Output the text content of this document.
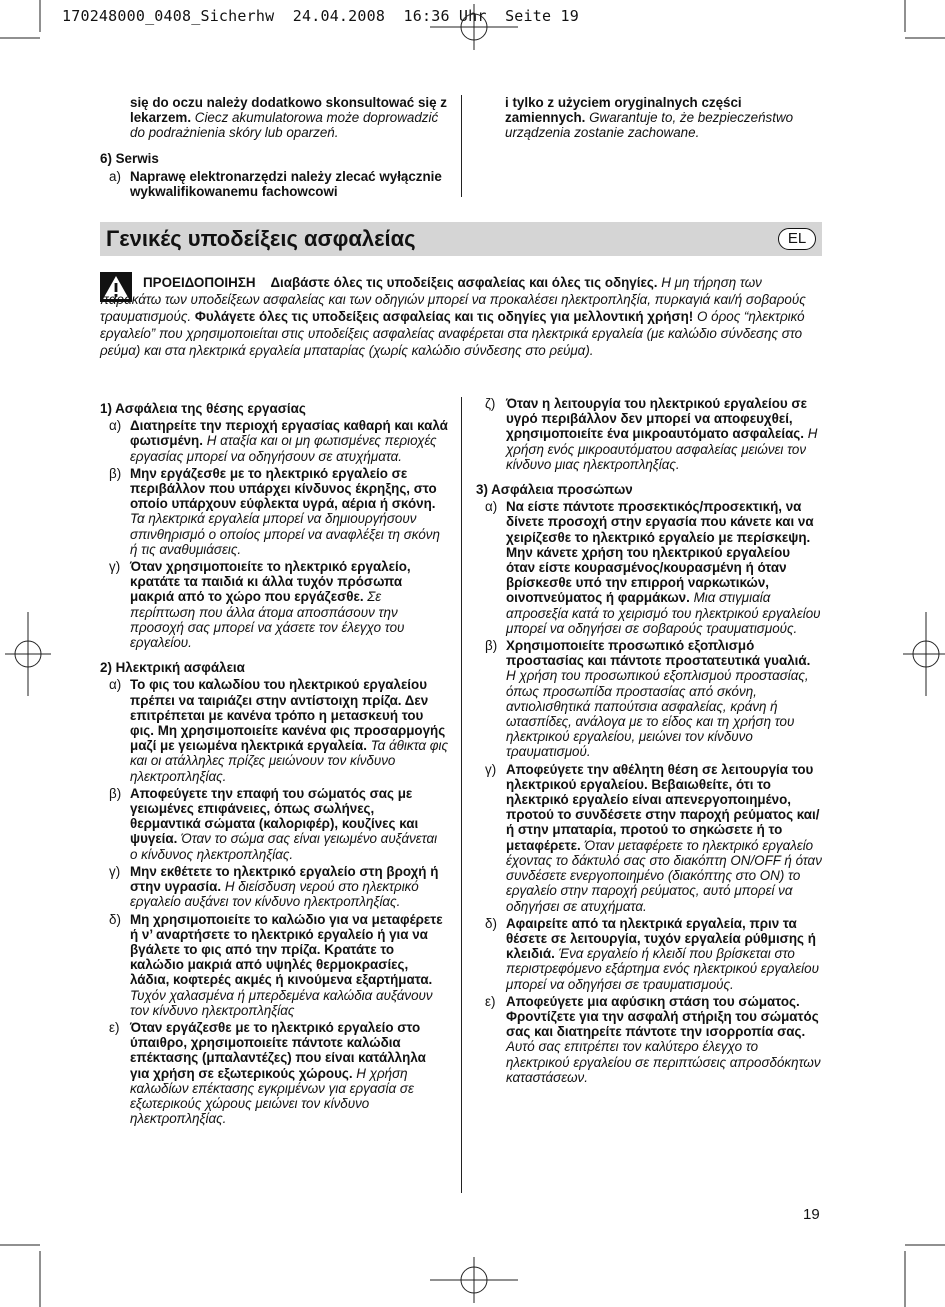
170248000_0408_Sicherhw  24.04.2008  16:36 Uhr  Seite 19

się do oczu należy dodatkowo skonsultować się z lekarzem. Ciecz akumulatorowa może doprowadzić do podrażnienia skóry lub oparzeń.

6) Serwis

a) Naprawę elektronarzędzi należy zlecać wyłącznie wykwalifikowanemu fachowcowi

i tylko z użyciem oryginalnych części zamiennych. Gwarantuje to, że bezpieczeństwo urządzenia zostanie zachowane.

Γενικές υποδείξεις ασφαλείας	EL

ΠΡΟΕΙΔΟΠΟΙΗΣΗ Διαβάστε όλες τις υποδείξεις ασφαλείας και όλες τις οδηγίες. Η μη τήρηση των παρακάτω των υποδείξεων ασφαλείας και των οδηγιών μπορεί να προκαλέσει ηλεκτροπληξία, πυρκαγιά και/ή σοβαρούς τραυματισμούς. Φυλάγετε όλες τις υποδείξεις ασφαλείας και τις οδηγίες για μελλοντική χρήση! Ο όρος “ηλεκτρικό εργαλείο” που χρησιμοποιείται στις υποδείξεις ασφαλείας αναφέρεται στα ηλεκτρικά εργαλεία (με καλώδιο σύνδεσης στο ρεύμα) και στα ηλεκτρικά εργαλεία μπαταρίας (χωρίς καλώδιο σύνδεσης στο ρεύμα).

1) Ασφάλεια της θέσης εργασίας

α) Διατηρείτε την περιοχή εργασίας καθαρή και καλά φωτισμένη. Η αταξία και οι μη φωτισμένες περιοχές εργασίας μπορεί να οδηγήσουν σε ατυχήματα.
β) Μην εργάζεσθε με το ηλεκτρικό εργαλείο σε περιβάλλον που υπάρχει κίνδυνος έκρηξης, στο οποίο υπάρχουν εύφλεκτα υγρά, αέρια ή σκόνη. Τα ηλεκτρικά εργαλεία μπορεί να δημιουργήσουν σπινθηρισμό ο οποίος μπορεί να αναφλέξει τη σκόνη ή τις αναθυμιάσεις.
γ) Όταν χρησιμοποιείτε το ηλεκτρικό εργαλείο, κρατάτε τα παιδιά κι άλλα τυχόν πρόσωπα μακριά από το χώρο που εργάζεσθε. Σε περίπτωση που άλλα άτομα αποσπάσουν την προσοχή σας μπορεί να χάσετε τον έλεγχο του εργαλείου.

2) Ηλεκτρική ασφάλεια

α) Το φις του καλωδίου του ηλεκτρικού εργαλείου πρέπει να ταιριάζει στην αντίστοιχη πρίζα. Δεν επιτρέπεται με κανένα τρόπο η μετασκευή του φις. Μη χρησιμοποιείτε κανένα φις προσαρμογής μαζί με γειωμένα ηλεκτρικά εργαλεία. Τα άθικτα φις και οι ατάλληλες πρίζες μειώνουν τον κίνδυνο ηλεκτροπληξίας.
β) Αποφεύγετε την επαφή του σώματός σας με γειωμένες επιφάνειες, όπως σωλήνες, θερμαντικά σώματα (καλοριφέρ), κουζίνες και ψυγεία. Όταν το σώμα σας είναι γειωμένο αυξάνεται ο κίνδυνος ηλεκτροπληξίας.
γ) Μην εκθέτετε το ηλεκτρικό εργαλείο στη βροχή ή στην υγρασία. Η διείσδυση νερού στο ηλεκτρικό εργαλείο αυξάνει τον κίνδυνο ηλεκτροπληξίας.
δ) Μη χρησιμοποιείτε το καλώδιο για να μεταφέρετε ή ν’ αναρτήσετε το ηλεκτρικό εργαλείο ή για να βγάλετε το φις από την πρίζα. Κρατάτε το καλώδιο μακριά από υψηλές θερμοκρασίες, λάδια, κοφτερές ακμές ή κινούμενα εξαρτήματα. Τυχόν χαλασμένα ή μπερδεμένα καλώδια αυξάνουν τον κίνδυνο ηλεκτροπληξίας
ε) Όταν εργάζεσθε με το ηλεκτρικό εργαλείο στο ύπαιθρο, χρησιμοποιείτε πάντοτε καλώδια επέκτασης (μπαλαντέζες) που είναι κατάλληλα για χρήση σε εξωτερικούς χώρους. Η χρήση καλωδίων επέκτασης εγκριμένων για εργασία σε εξωτερικούς χώρους μειώνει τον κίνδυνο ηλεκτροπληξίας.
ζ) Όταν η λειτουργία του ηλεκτρικού εργαλείου σε υγρό περιβάλλον δεν μπορεί να αποφευχθεί, χρησιμοποιείτε ένα μικροαυτόματο ασφαλείας. Η χρήση ενός μικροαυτόματου ασφαλείας μειώνει τον κίνδυνο μιας ηλεκτροπληξίας.

3) Ασφάλεια προσώπων

α) Να είστε πάντοτε προσεκτικός/προσεκτική, να δίνετε προσοχή στην εργασία που κάνετε και να χειρίζεσθε το ηλεκτρικό εργαλείο με περίσκεψη. Μην κάνετε χρήση του ηλεκτρικού εργαλείου όταν είστε κουρασμένος/κουρασμένη ή όταν βρίσκεσθε υπό την επιρροή ναρκωτικών, οινοπνεύματος ή φαρμάκων. Μια στιγμιαία απροσεξία κατά το χειρισμό του ηλεκτρικού εργαλείου μπορεί να οδηγήσει σε σοβαρούς τραυματισμούς.
β) Χρησιμοποιείτε προσωπικό εξοπλισμό προστασίας και πάντοτε προστατευτικά γυαλιά. Η χρήση του προσωπικού εξοπλισμού προστασίας, όπως προσωπίδα προστασίας από σκόνη, αντιολισθητικά παπούτσια ασφαλείας, κράνη ή ωτασπίδες, ανάλογα με το είδος και τη χρήση του ηλεκτρικού εργαλείου, μειώνει τον κίνδυνο τραυματισμού.
γ) Αποφεύγετε την αθέλητη θέση σε λειτουργία του ηλεκτρικού εργαλείου. Βεβαιωθείτε, ότι το ηλεκτρικό εργαλείο είναι απενεργοποιημένο, προτού το συνδέσετε στην παροχή ρεύματος και/ή στην μπαταρία, προτού το σηκώσετε ή το μεταφέρετε. Όταν μεταφέρετε το ηλεκτρικό εργαλείο έχοντας το δάκτυλό σας στο διακόπτη ON/OFF ή όταν συνδέσετε ενεργοποιημένο (διακόπτης στο ON) το εργαλείο στην παροχή ρεύματος, αυτό μπορεί να οδηγήσει σε ατυχήματα.
δ) Αφαιρείτε από τα ηλεκτρικά εργαλεία, πριν τα θέσετε σε λειτουργία, τυχόν εργαλεία ρύθμισης ή κλειδιά. Ένα εργαλείο ή κλειδί που βρίσκεται στο περιστρεφόμενο εξάρτημα ενός ηλεκτρικού εργαλείου μπορεί να οδηγήσει σε τραυματισμούς.
ε) Αποφεύγετε μια αφύσικη στάση του σώματος. Φροντίζετε για την ασφαλή στήριξη του σώματός σας και διατηρείτε πάντοτε την ισορροπία σας. Αυτό σας επιτρέπει τον καλύτερο έλεγχο το ηλεκτρικού εργαλείου σε περιπτώσεις απροσδόκητων καταστάσεων.
19
